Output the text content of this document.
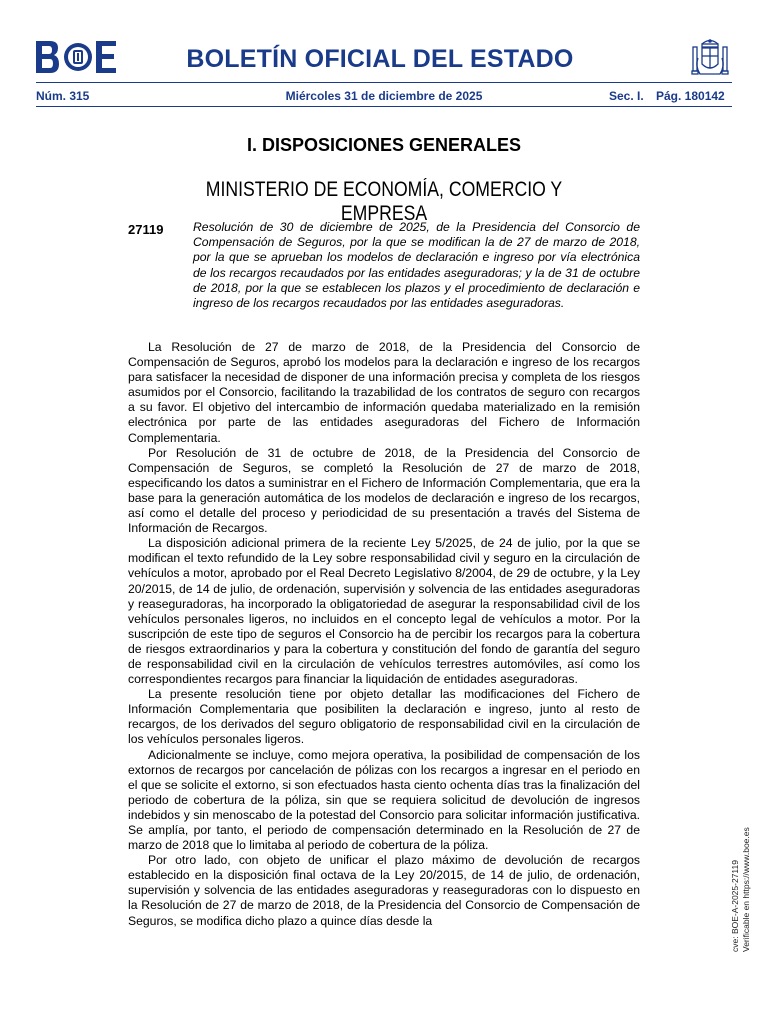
BOLETÍN OFICIAL DEL ESTADO
Núm. 315	Miércoles 31 de diciembre de 2025	Sec. I. Pág. 180142
I. DISPOSICIONES GENERALES
MINISTERIO DE ECONOMÍA, COMERCIO Y EMPRESA
27119 Resolución de 30 de diciembre de 2025, de la Presidencia del Consorcio de Compensación de Seguros, por la que se modifican la de 27 de marzo de 2018, por la que se aprueban los modelos de declaración e ingreso por vía electrónica de los recargos recaudados por las entidades aseguradoras; y la de 31 de octubre de 2018, por la que se establecen los plazos y el procedimiento de declaración e ingreso de los recargos recaudados por las entidades aseguradoras.

La Resolución de 27 de marzo de 2018, de la Presidencia del Consorcio de Compensación de Seguros, aprobó los modelos para la declaración e ingreso de los recargos para satisfacer la necesidad de disponer de una información precisa y completa de los riesgos asumidos por el Consorcio, facilitando la trazabilidad de los contratos de seguro con recargos a su favor. El objetivo del intercambio de información quedaba materializado en la remisión electrónica por parte de las entidades aseguradoras del Fichero de Información Complementaria.

Por Resolución de 31 de octubre de 2018, de la Presidencia del Consorcio de Compensación de Seguros, se completó la Resolución de 27 de marzo de 2018, especificando los datos a suministrar en el Fichero de Información Complementaria, que era la base para la generación automática de los modelos de declaración e ingreso de los recargos, así como el detalle del proceso y periodicidad de su presentación a través del Sistema de Información de Recargos.

La disposición adicional primera de la reciente Ley 5/2025, de 24 de julio, por la que se modifican el texto refundido de la Ley sobre responsabilidad civil y seguro en la circulación de vehículos a motor, aprobado por el Real Decreto Legislativo 8/2004, de 29 de octubre, y la Ley 20/2015, de 14 de julio, de ordenación, supervisión y solvencia de las entidades aseguradoras y reaseguradoras, ha incorporado la obligatoriedad de asegurar la responsabilidad civil de los vehículos personales ligeros, no incluidos en el concepto legal de vehículos a motor. Por la suscripción de este tipo de seguros el Consorcio ha de percibir los recargos para la cobertura de riesgos extraordinarios y para la cobertura y constitución del fondo de garantía del seguro de responsabilidad civil en la circulación de vehículos terrestres automóviles, así como los correspondientes recargos para financiar la liquidación de entidades aseguradoras.

La presente resolución tiene por objeto detallar las modificaciones del Fichero de Información Complementaria que posibiliten la declaración e ingreso, junto al resto de recargos, de los derivados del seguro obligatorio de responsabilidad civil en la circulación de los vehículos personales ligeros.

Adicionalmente se incluye, como mejora operativa, la posibilidad de compensación de los extornos de recargos por cancelación de pólizas con los recargos a ingresar en el periodo en el que se solicite el extorno, si son efectuados hasta ciento ochenta días tras la finalización del periodo de cobertura de la póliza, sin que se requiera solicitud de devolución de ingresos indebidos y sin menoscabo de la potestad del Consorcio para solicitar información justificativa. Se amplía, por tanto, el periodo de compensación determinado en la Resolución de 27 de marzo de 2018 que lo limitaba al periodo de cobertura de la póliza.

Por otro lado, con objeto de unificar el plazo máximo de devolución de recargos establecido en la disposición final octava de la Ley 20/2015, de 14 de julio, de ordenación, supervisión y solvencia de las entidades aseguradoras y reaseguradoras con lo dispuesto en la Resolución de 27 de marzo de 2018, de la Presidencia del Consorcio de Compensación de Seguros, se modifica dicho plazo a quince días desde la	cve: BOE-A-2025-27119 Verificable en https://www.boe.es
